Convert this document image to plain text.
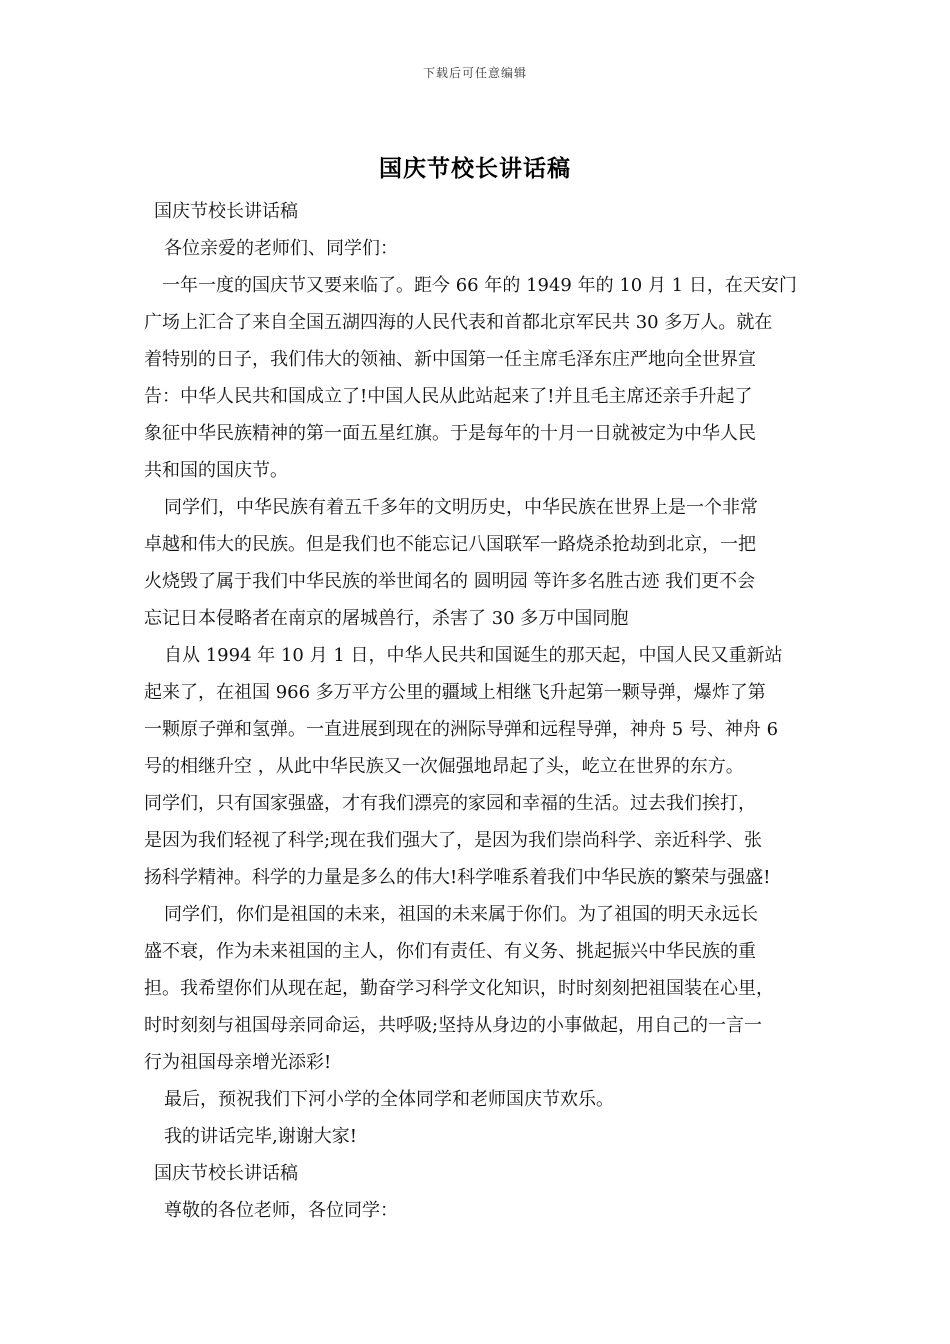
下载后可任意编辑
国庆节校长讲话稿
国庆节校长讲话稿
各位亲爱的老师们、同学们：
一年一度的国庆节又要来临了。距今 66 年的 1949 年的 10 月 1 日，在天安门
广场上汇合了来自全国五湖四海的人民代表和首都北京军民共 30 多万人。就在
着特别的日子，我们伟大的领袖、新中国第一任主席毛泽东庄严地向全世界宣
告：中华人民共和国成立了!中国人民从此站起来了!并且毛主席还亲手升起了
象征中华民族精神的第一面五星红旗。于是每年的十月一日就被定为中华人民
共和国的国庆节。
同学们，中华民族有着五千多年的文明历史，中华民族在世界上是一个非常
卓越和伟大的民族。但是我们也不能忘记八国联军一路烧杀抢劫到北京，一把
火烧毁了属于我们中华民族的举世闻名的 圆明园 等许多名胜古迹 我们更不会
忘记日本侵略者在南京的屠城兽行，杀害了 30 多万中国同胞
自从 1994 年 10 月 1 日，中华人民共和国诞生的那天起，中国人民又重新站
起来了，在祖国 966 多万平方公里的疆域上相继飞升起第一颗导弹，爆炸了第
一颗原子弹和氢弹。一直进展到现在的洲际导弹和远程导弹，神舟 5 号、神舟 6
号的相继升空 ，从此中华民族又一次倔强地昂起了头，屹立在世界的东方。
同学们，只有国家强盛，才有我们漂亮的家园和幸福的生活。过去我们挨打，
是因为我们轻视了科学;现在我们强大了，是因为我们崇尚科学、亲近科学、张
扬科学精神。科学的力量是多么的伟大!科学唯系着我们中华民族的繁荣与强盛!
同学们，你们是祖国的未来，祖国的未来属于你们。为了祖国的明天永远长
盛不衰，作为未来祖国的主人，你们有责任、有义务、挑起振兴中华民族的重
担。我希望你们从现在起，勤奋学习科学文化知识，时时刻刻把祖国装在心里，
时时刻刻与祖国母亲同命运，共呼吸;坚持从身边的小事做起，用自己的一言一
行为祖国母亲增光添彩!
最后，预祝我们下河小学的全体同学和老师国庆节欢乐。
我的讲话完毕,谢谢大家!
国庆节校长讲话稿
尊敬的各位老师，各位同学：
